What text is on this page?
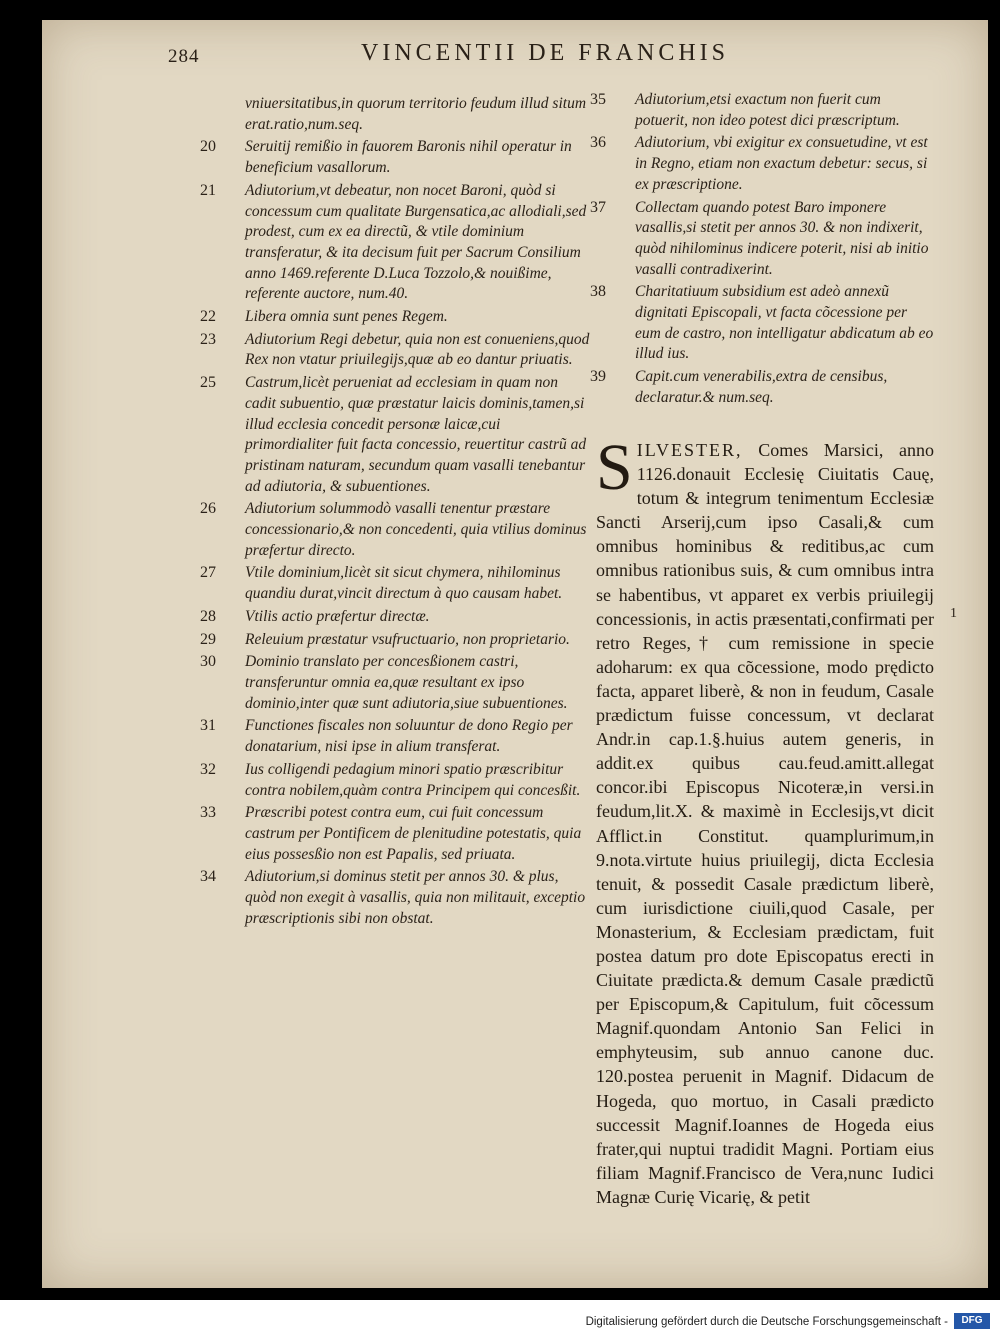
284	VINCENTII DE FRANCHIS
vniuersitatibus,in quorum territorio feudum illud situm erat.ratio,num.seq.
20	Seruitij remißio in fauorem Baronis nihil operatur in beneficium vasallorum.
21	Adiutorium,vt debeatur, non nocet Baroni, quòd si concessum cum qualitate Burgensatica,ac allodiali,sed prodest, cum ex ea directũ, & vtile dominium transferatur, & ita decisum fuit per Sacrum Consilium anno 1469.referente D.Luca Tozzolo,& nouißime, referente auctore, num.40.
22	Libera omnia sunt penes Regem.
23	Adiutorium Regi debetur, quia non est conueniens,quod Rex non vtatur priuilegijs,quæ ab eo dantur priuatis.
25	Castrum,licèt perueniat ad ecclesiam in quam non cadit subuentio, quæ præstatur laicis dominis,tamen,si illud ecclesia concedit personæ laicæ,cui primordialiter fuit facta concessio, reuertitur castrũ ad pristinam naturam, secundum quam vasalli tenebantur ad adiutoria, & subuentiones.
26	Adiutorium solummodò vasalli tenentur præstare concessionario,& non concedenti, quia vtilius dominus præfertur directo.
27	Vtile dominium,licèt sit sicut chymera, nihilominus quandiu durat,vincit directum à quo causam habet.
28	Vtilis actio præfertur directæ.
29	Releuium præstatur vsufructuario, non proprietario.
30	Dominio translato per concesßionem castri, transferuntur omnia ea,quæ resultant ex ipso dominio,inter quæ sunt adiutoria,siue subuentiones.
31	Functiones fiscales non soluuntur de dono Regio per donatarium, nisi ipse in alium transferat.
32	Ius colligendi pedagium minori spatio præscribitur contra nobilem,quàm contra Principem qui concesßit.
33	Præscribi potest contra eum, cui fuit concessum castrum per Pontificem de plenitudine potestatis, quia eius possesßio non est Papalis, sed priuata.
34	Adiutorium,si dominus stetit per annos 30. & plus, quòd non exegit à vasallis, quia non militauit, exceptio præscriptionis sibi non obstat.
35	Adiutorium,etsi exactum non fuerit cum potuerit, non ideo potest dici præscriptum.
36	Adiutorium, vbi exigitur ex consuetudine, vt est in Regno, etiam non exactum debetur: secus, si ex præscriptione.
37	Collectam quando potest Baro imponere vasallis,si stetit per annos 30. & non indixerit, quòd nihilominus indicere poterit, nisi ab initio vasalli contradixerint.
38	Charitatiuum subsidium est adeò annexũ dignitati Episcopali, vt facta cõcessione per eum de castro, non intelligatur abdicatum ab eo illud ius.
39	Capit.cum venerabilis,extra de censibus, declaratur.& num.seq.
SILVESTER, Comes Marsici, anno 1126.donauit Ecclesię Ciuitatis Cauę, totum & integrum tenimentum Ecclesiæ Sancti Arserij,cum ipso Casali,& cum omnibus hominibus & reditibus,ac cum omnibus rationibus suis, & cum omnibus intra se habentibus, vt apparet ex verbis priuilegij concessionis, in actis præsentati,confirmati per retro Reges,† cum remissione in specie adoharum: ex qua cõcessione, modo prędicto facta, apparet liberè, & non in feudum, Casale prædictum fuisse concessum, vt declarat Andr.in cap.1.§.huius autem generis, in addit.ex quibus cau.feud.amitt.allegat concor.ibi Episcopus Nicoteræ,in versi.in feudum,lit.X. & maximè in Ecclesijs,vt dicit Afflict.in Constitut. quamplurimum,in 9.nota.virtute huius priuilegij, dicta Ecclesia tenuit, & possedit Casale prædictum liberè, cum iurisdictione ciuili,quod Casale, per Monasterium, & Ecclesiam prædictam, fuit postea datum pro dote Episcopatus erecti in Ciuitate prædicta.& demum Casale prædictũ per Episcopum,& Capitulum, fuit cõcessum Magnif.quondam Antonio San Felici in emphyteusim, sub annuo canone duc. 120.postea peruenit in Magnif. Didacum de Hogeda, quo mortuo, in Casali prædicto successit Magnif.Ioannes de Hogeda eius frater,qui nuptui tradidit Magni. Portiam eius filiam Magnif.Francisco de Vera,nunc Iudici Magnæ Curię Vicarię, & petit
1
Digitalisierung gefördert durch die Deutsche Forschungsgemeinschaft -	DFG
